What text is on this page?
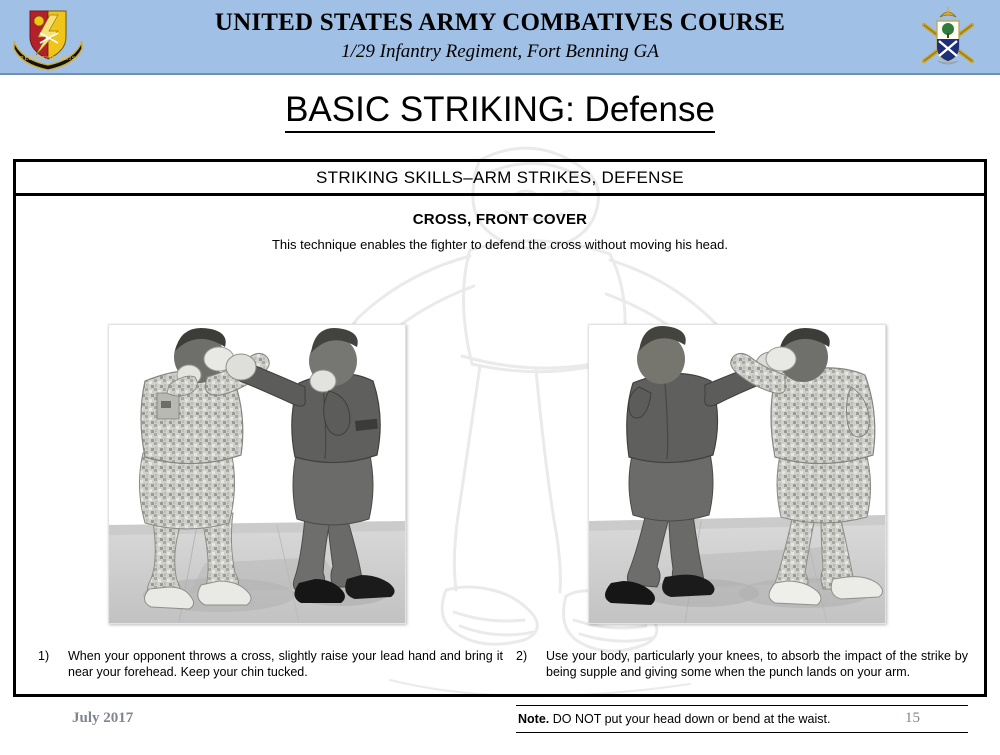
PERDITOR ORIS
UNITED STATES ARMY COMBATIVES COURSE
1/29 Infantry Regiment, Fort Benning GA
BASIC STRIKING: Defense
STRIKING SKILLS–ARM STRIKES, DEFENSE
CROSS, FRONT COVER
This technique enables the fighter to defend the cross without moving his head.
1)	When your opponent throws a cross, slightly raise your lead hand and bring it near your forehead. Keep your chin tucked.
2)	Use your body, particularly your knees, to absorb the impact of the strike by being supple and giving some when the punch lands on your arm.
Note. DO NOT put your head down or bend at the waist.
July 2017	15
